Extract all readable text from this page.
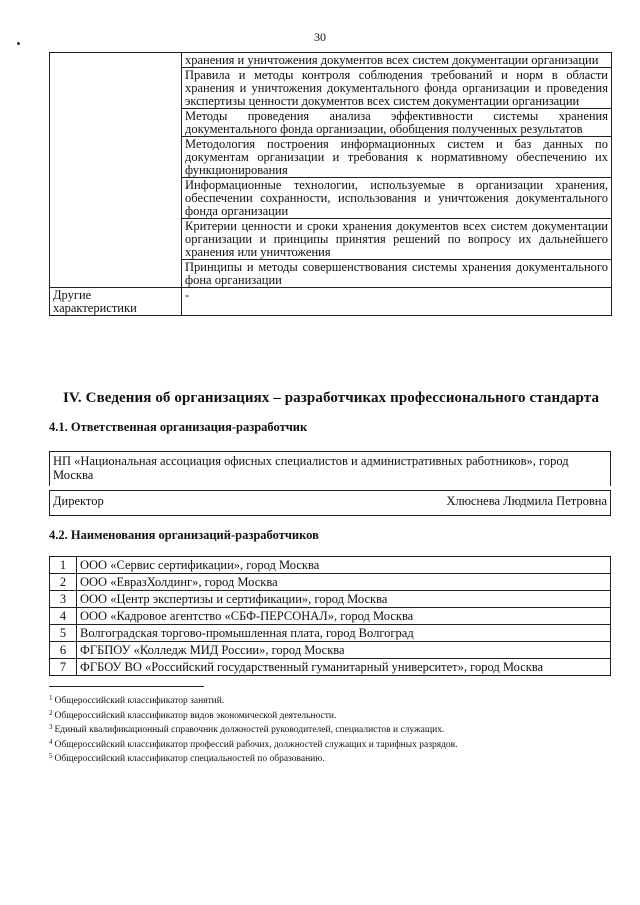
30
	хранения и уничтожения документов всех систем документации организации
	Правила и методы контроля соблюдения требований и норм в области хранения и уничтожения документального фонда организации и проведения экспертизы ценности документов всех систем документации организации
	Методы проведения анализа эффективности системы хранения документального фонда организации, обобщения полученных результатов
	Методология построения информационных систем и баз данных по документам организации и требования к нормативному обеспечению их функционирования
	Информационные технологии, используемые в организации хранения, обеспечении сохранности, использования и уничтожения документального фонда организации
	Критерии ценности и сроки хранения документов всех систем документации организации и принципы принятия решений по вопросу их дальнейшего хранения или уничтожения
	Принципы и методы совершенствования системы хранения документального фона организации
Другие характеристики	-
IV. Сведения об организациях – разработчиках профессионального стандарта
4.1. Ответственная организация-разработчик
НП «Национальная ассоциация офисных специалистов и административных работников», город Москва
Директор	Хлюснева Людмила Петровна
4.2. Наименования организаций-разработчиков
1	ООО «Сервис сертификации», город Москва
2	ООО «ЕвразХолдинг», город Москва
3	ООО «Центр экспертизы и сертификации», город Москва
4	ООО «Кадровое агентство «СБФ-ПЕРСОНАЛ», город Москва
5	Волгоградская торгово-промышленная плата, город Волгоград
6	ФГБПОУ «Колледж МИД России», город Москва
7	ФГБОУ ВО «Российский государственный гуманитарный университет», город Москва
$^1$ Общероссийский классификатор занятий.
$^2$ Общероссийский классификатор видов экономической деятельности.
$^3$ Единый квалификационный справочник должностей руководителей, специалистов и служащих.
$^4$ Общероссийский классификатор профессий рабочих, должностей служащих и тарифных разрядов.
$^5$ Общероссийский классификатор специальностей по образованию.
